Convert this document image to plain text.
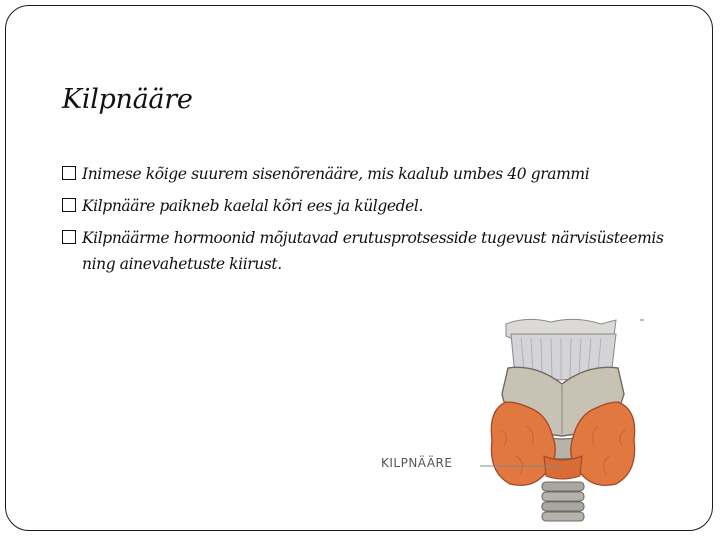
Kilpnääre
Inimese kõige suurem sisenõrenääre, mis kaalub umbes 40 grammi
Kilpnääre paikneb kaelal kõri ees ja külgedel.
Kilpnäärme hormoonid mõjutavad erutusprotsesside tugevust närvisüsteemis ning ainevahetuste kiirust.
KILPNÄÄRE
